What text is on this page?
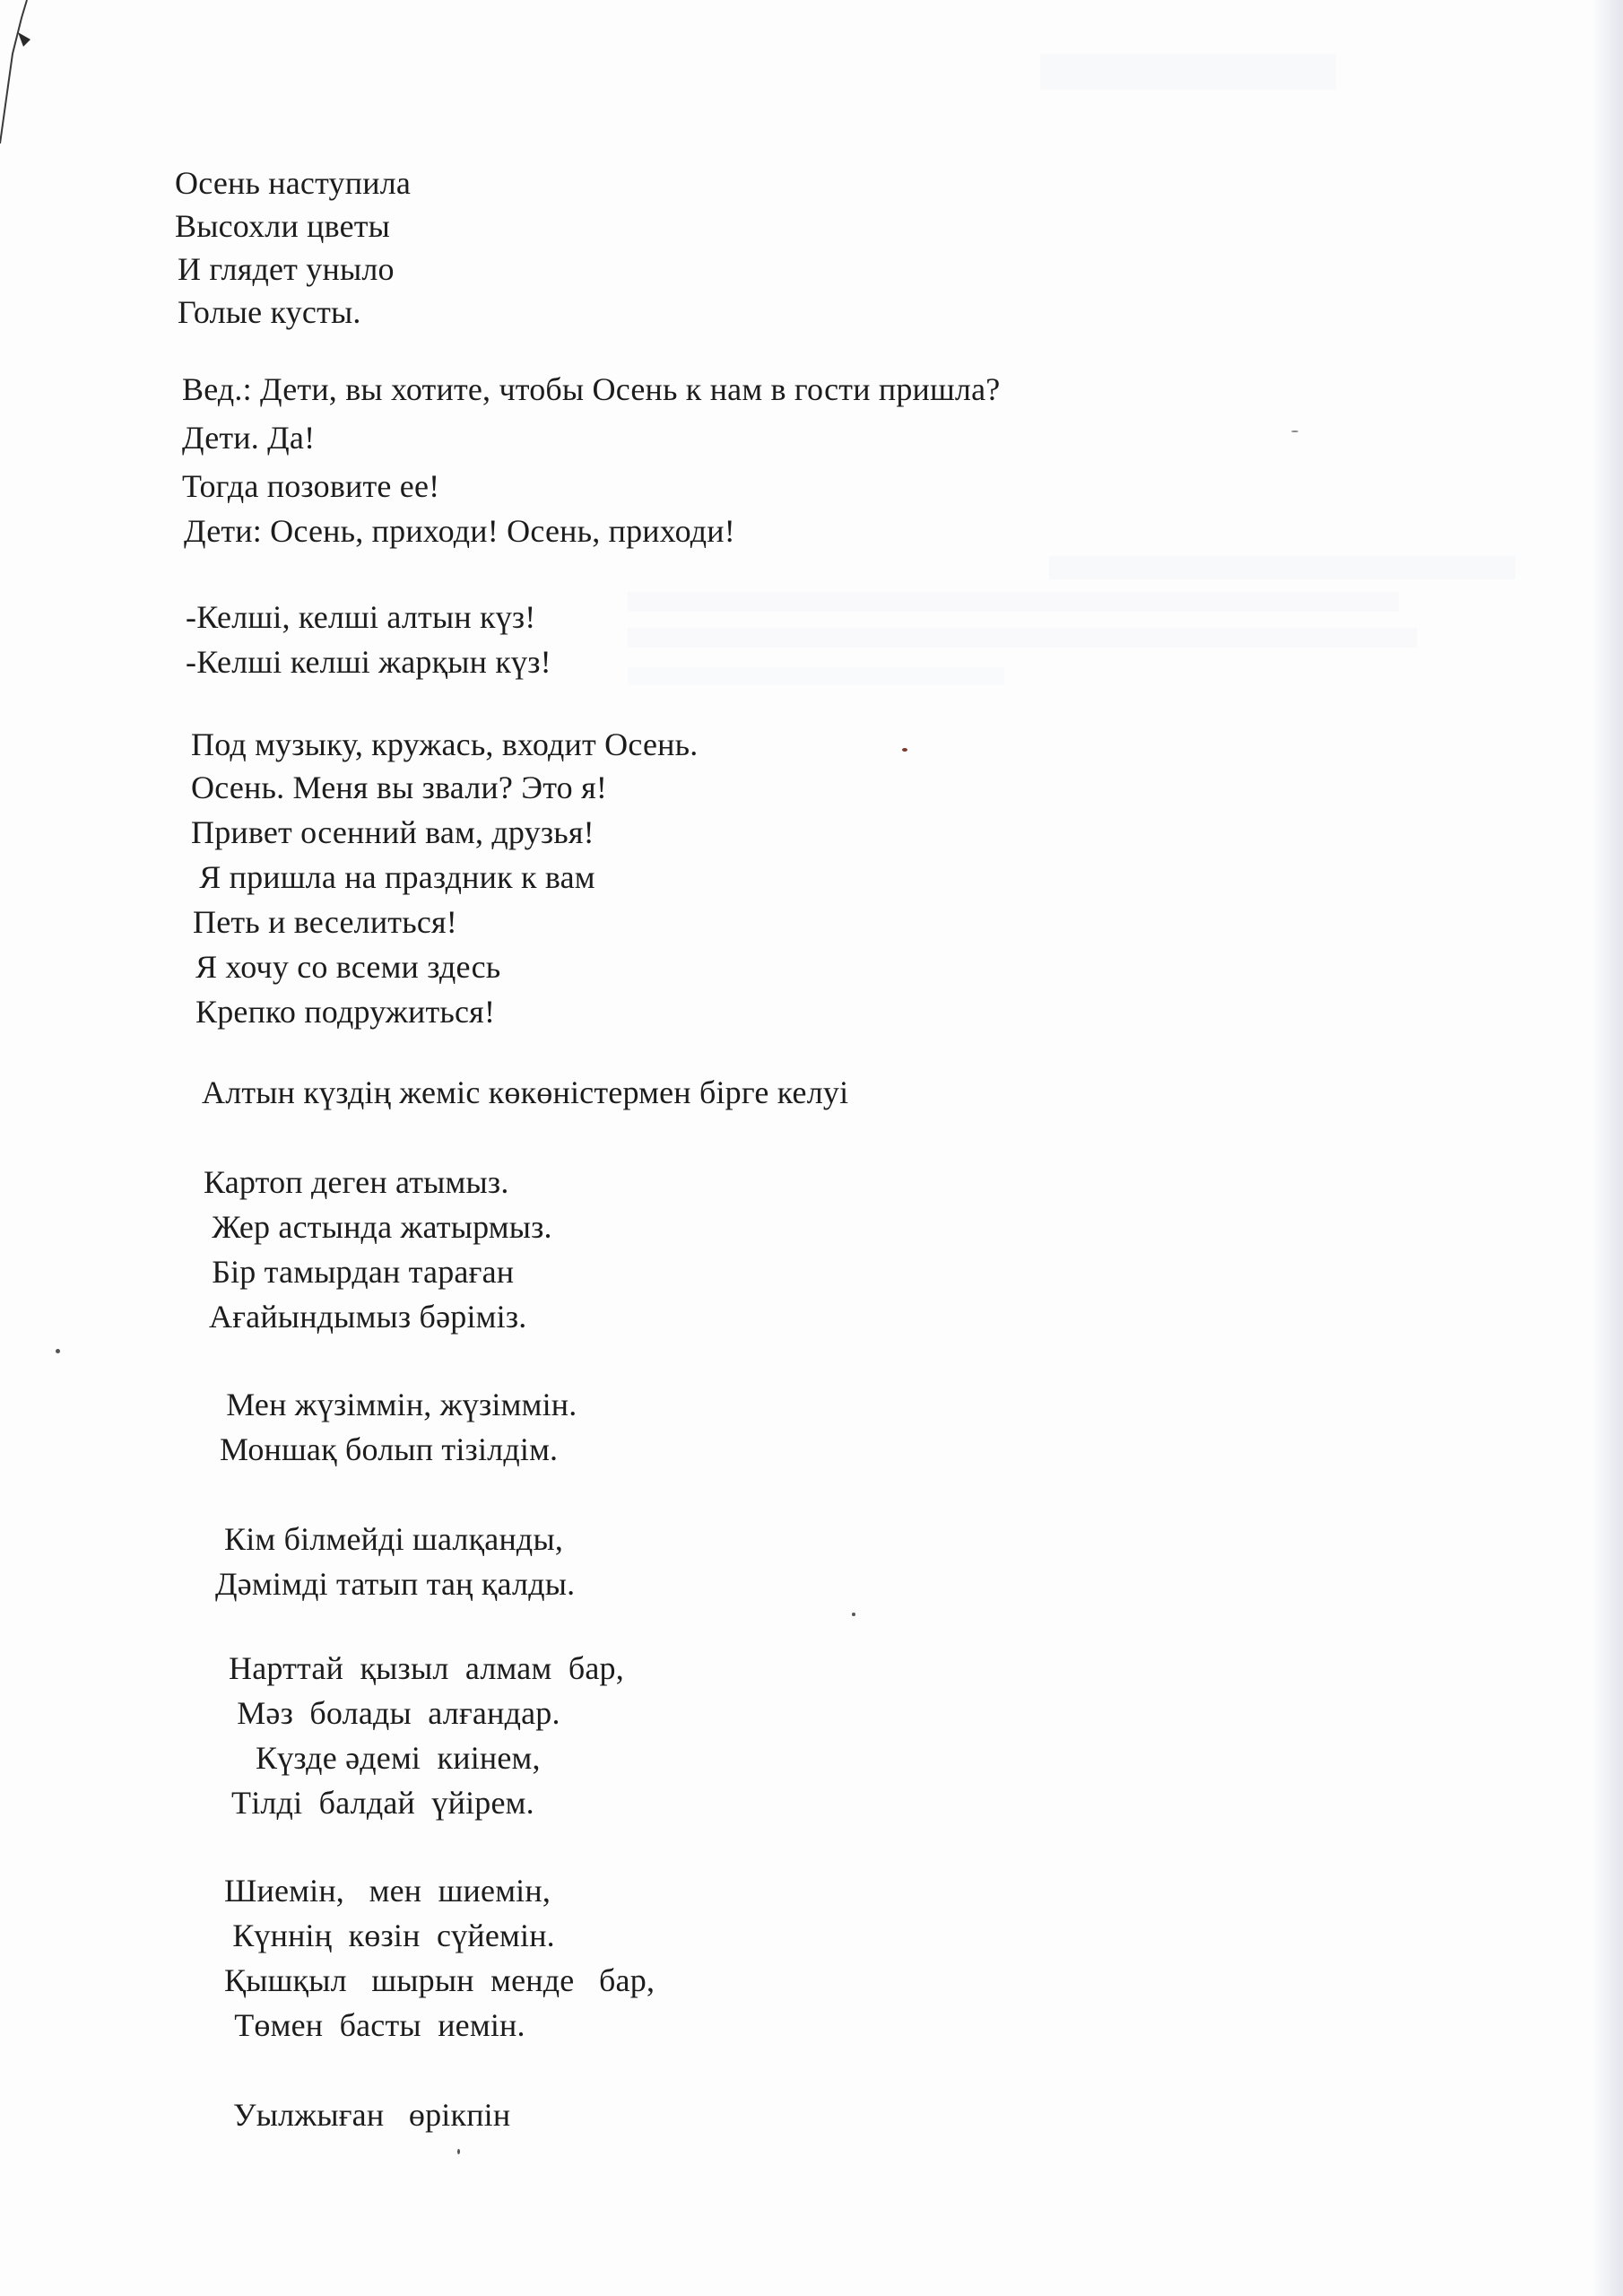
Осень наступила
Высохли цветы
И глядет уныло
Голые кусты.
Вед.: Дети, вы хотите, чтобы Осень к нам в гости пришла?
Дети. Да!
Тогда позовите ее!
Дети: Осень, приходи! Осень, приходи!
-Келші, келші алтын күз!
-Келші келші жарқын күз!
Под музыку, кружась, входит Осень.
Осень. Меня вы звали? Это я!
Привет осенний вам, друзья!
Я пришла на праздник к вам
Петь и веселиться!
Я хочу со всеми здесь
Крепко подружиться!
Алтын күздің жеміс көкөністермен бірге келуі
Картоп деген атымыз.
Жер астында жатырмыз.
Бір тамырдан тараған
Ағайындымыз бәріміз.
Мен жүзіммін, жүзіммін.
Моншақ болып тізілдім.
Кім білмейді шалқанды,
Дәмімді татып таң қалды.
Нарттай  қызыл  алмам  бар,
Мәз  болады  алғандар.
Күзде әдемі  киінем,
Тілді  балдай  үйірем.
Шиемін,   мен  шиемін,
Күннің  көзін  сүйемін.
Қышқыл   шырын  менде   бар,
Төмен  басты  иемін.
Уылжыған   өрікпін
